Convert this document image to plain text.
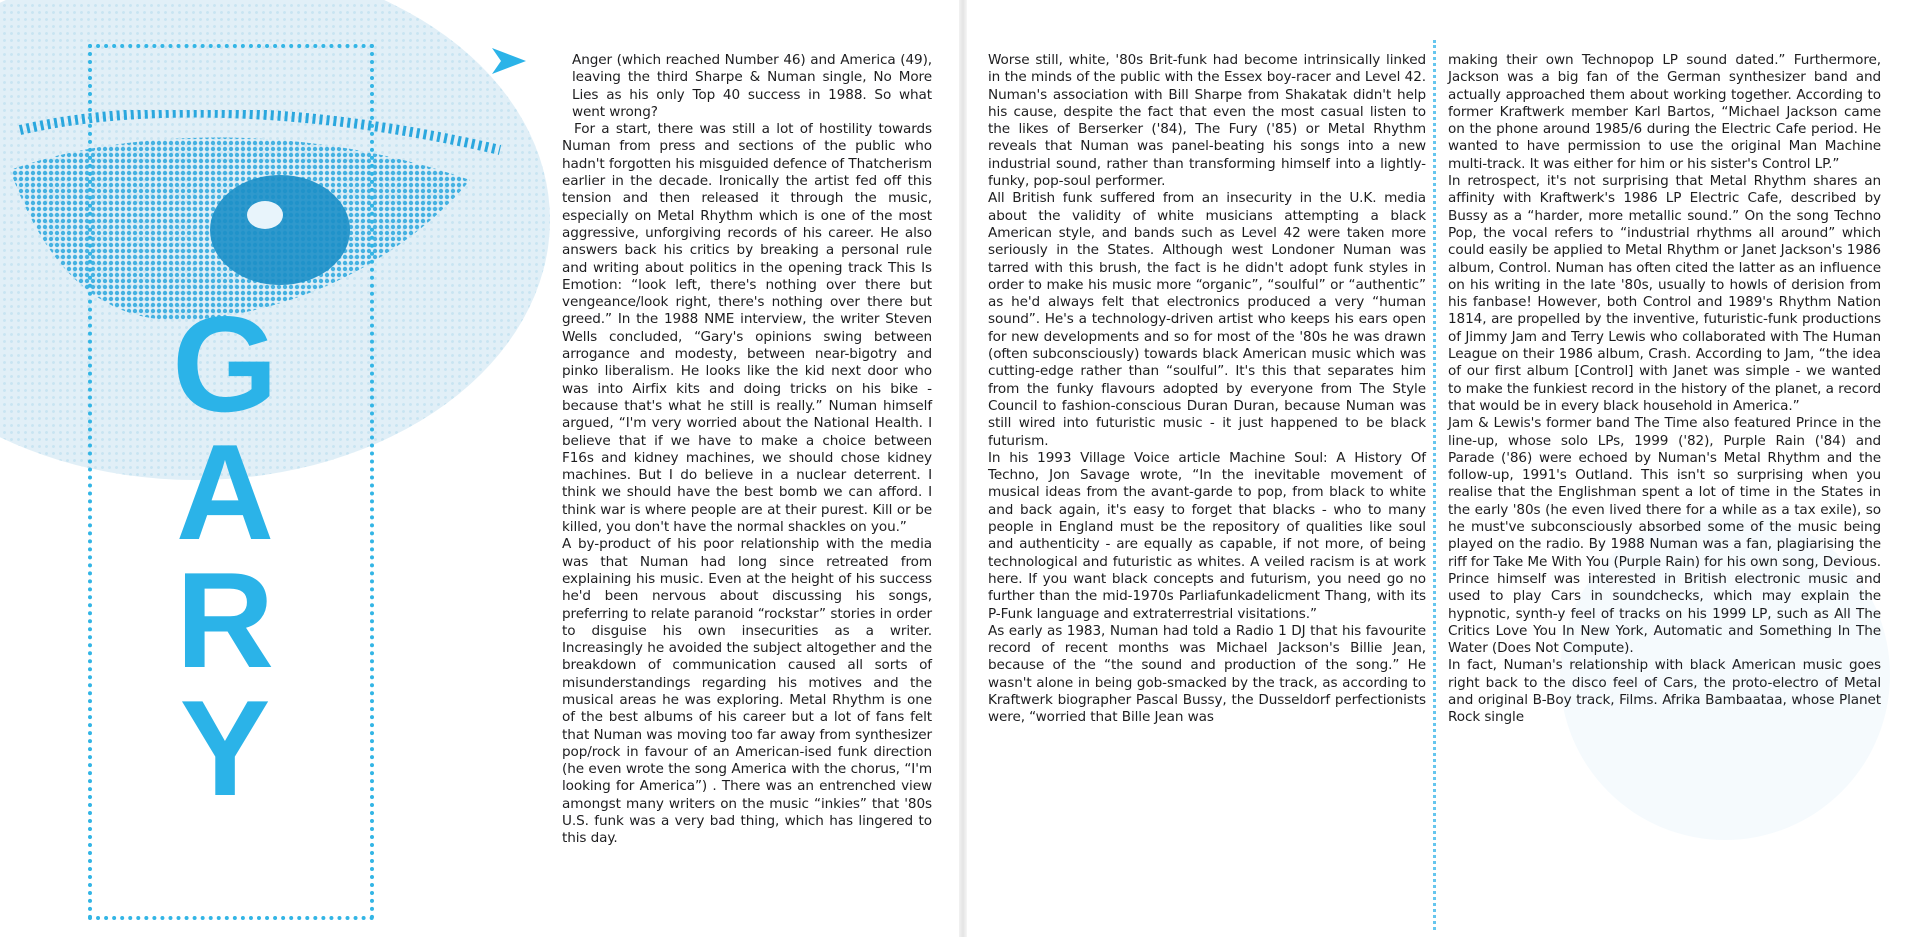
G
A
R
Y

Anger (which reached Number 46) and America (49), leaving the third Sharpe & Numan single, No More Lies as his only Top 40 success in 1988. So what went wrong?

For a start, there was still a lot of hostility towards Numan from press and sections of the public who hadn't forgotten his misguided defence of Thatcherism earlier in the decade. Ironically the artist fed off this tension and then released it through the music, especially on Metal Rhythm which is one of the most aggressive, unforgiving records of his career. He also answers back his critics by breaking a personal rule and writing about politics in the opening track This Is Emotion: “look left, there's nothing over there but vengeance/look right, there's nothing over there but greed.” In the 1988 NME interview, the writer Steven Wells concluded, “Gary's opinions swing between arrogance and modesty, between near-bigotry and pinko liberalism. He looks like the kid next door who was into Airfix kits and doing tricks on his bike - because that's what he still is really.” Numan himself argued, “I'm very worried about the National Health. I believe that if we have to make a choice between F16s and kidney machines, we should chose kidney machines. But I do believe in a nuclear deterrent. I think we should have the best bomb we can afford. I think war is where people are at their purest. Kill or be killed, you don't have the normal shackles on you.”

A by-product of his poor relationship with the media was that Numan had long since retreated from explaining his music. Even at the height of his success he'd been nervous about discussing his songs, preferring to relate paranoid “rockstar” stories in order to disguise his own insecurities as a writer. Increasingly he avoided the subject altogether and the breakdown of communication caused all sorts of misunderstandings regarding his motives and the musical areas he was exploring. Metal Rhythm is one of the best albums of his career but a lot of fans felt that Numan was moving too far away from synthesizer pop/rock in favour of an American-ised funk direction (he even wrote the song America with the chorus, “I'm looking for America”) . There was an entrenched view amongst many writers on the music “inkies” that '80s U.S. funk was a very bad thing, which has lingered to this day.

Worse still, white, '80s Brit-funk had become intrinsically linked in the minds of the public with the Essex boy-racer and Level 42. Numan's association with Bill Sharpe from Shakatak didn't help his cause, despite the fact that even the most casual listen to the likes of Berserker ('84), The Fury ('85) or Metal Rhythm reveals that Numan was panel-beating his songs into a new industrial sound, rather than transforming himself into a lightly-funky, pop-soul performer.

All British funk suffered from an insecurity in the U.K. media about the validity of white musicians attempting a black American style, and bands such as Level 42 were taken more seriously in the States. Although west Londoner Numan was tarred with this brush, the fact is he didn't adopt funk styles in order to make his music more “organic”, “soulful” or “authentic” as he'd always felt that electronics produced a very “human sound”. He's a technology-driven artist who keeps his ears open for new developments and so for most of the '80s he was drawn (often subconsciously) towards black American music which was cutting-edge rather than “soulful”. It's this that separates him from the funky flavours adopted by everyone from The Style Council to fashion-conscious Duran Duran, because Numan was still wired into futuristic music - it just happened to be black futurism.

In his 1993 Village Voice article Machine Soul: A History Of Techno, Jon Savage wrote, “In the inevitable movement of musical ideas from the avant-garde to pop, from black to white and back again, it's easy to forget that blacks - who to many people in England must be the repository of qualities like soul and authenticity - are equally as capable, if not more, of being technological and futuristic as whites. A veiled racism is at work here. If you want black concepts and futurism, you need go no further than the mid-1970s Parliafunkadelicment Thang, with its P-Funk language and extraterrestrial visitations.”

As early as 1983, Numan had told a Radio 1 DJ that his favourite record of recent months was Michael Jackson's Billie Jean, because of the “the sound and production of the song.” He wasn't alone in being gob-smacked by the track, as according to Kraftwerk biographer Pascal Bussy, the Dusseldorf perfectionists were, “worried that Bille Jean was

making their own Technopop LP sound dated.” Furthermore, Jackson was a big fan of the German synthesizer band and actually approached them about working together. According to former Kraftwerk member Karl Bartos, “Michael Jackson came on the phone around 1985/6 during the Electric Cafe period. He wanted to have permission to use the original Man Machine multi-track. It was either for him or his sister's Control LP.”

In retrospect, it's not surprising that Metal Rhythm shares an affinity with Kraftwerk's 1986 LP Electric Cafe, described by Bussy as a “harder, more metallic sound.” On the song Techno Pop, the vocal refers to “industrial rhythms all around” which could easily be applied to Metal Rhythm or Janet Jackson's 1986 album, Control. Numan has often cited the latter as an influence on his writing in the late '80s, usually to howls of derision from his fanbase! However, both Control and 1989's Rhythm Nation 1814, are propelled by the inventive, futuristic-funk productions of Jimmy Jam and Terry Lewis who collaborated with The Human League on their 1986 album, Crash. According to Jam, “the idea of our first album [Control] with Janet was simple - we wanted to make the funkiest record in the history of the planet, a record that would be in every black household in America.”

Jam & Lewis's former band The Time also featured Prince in the line-up, whose solo LPs, 1999 ('82), Purple Rain ('84) and Parade ('86) were echoed by Numan's Metal Rhythm and the follow-up, 1991's Outland. This isn't so surprising when you realise that the Englishman spent a lot of time in the States in the early '80s (he even lived there for a while as a tax exile), so he must've subconsciously absorbed some of the music being played on the radio. By 1988 Numan was a fan, plagiarising the riff for Take Me With You (Purple Rain) for his own song, Devious. Prince himself was interested in British electronic music and used to play Cars in soundchecks, which may explain the hypnotic, synth-y feel of tracks on his 1999 LP, such as All The Critics Love You In New York, Automatic and Something In The Water (Does Not Compute).

In fact, Numan's relationship with black American music goes right back to the disco feel of Cars, the proto-electro of Metal and original B-Boy track, Films. Afrika Bambaataa, whose Planet Rock single
